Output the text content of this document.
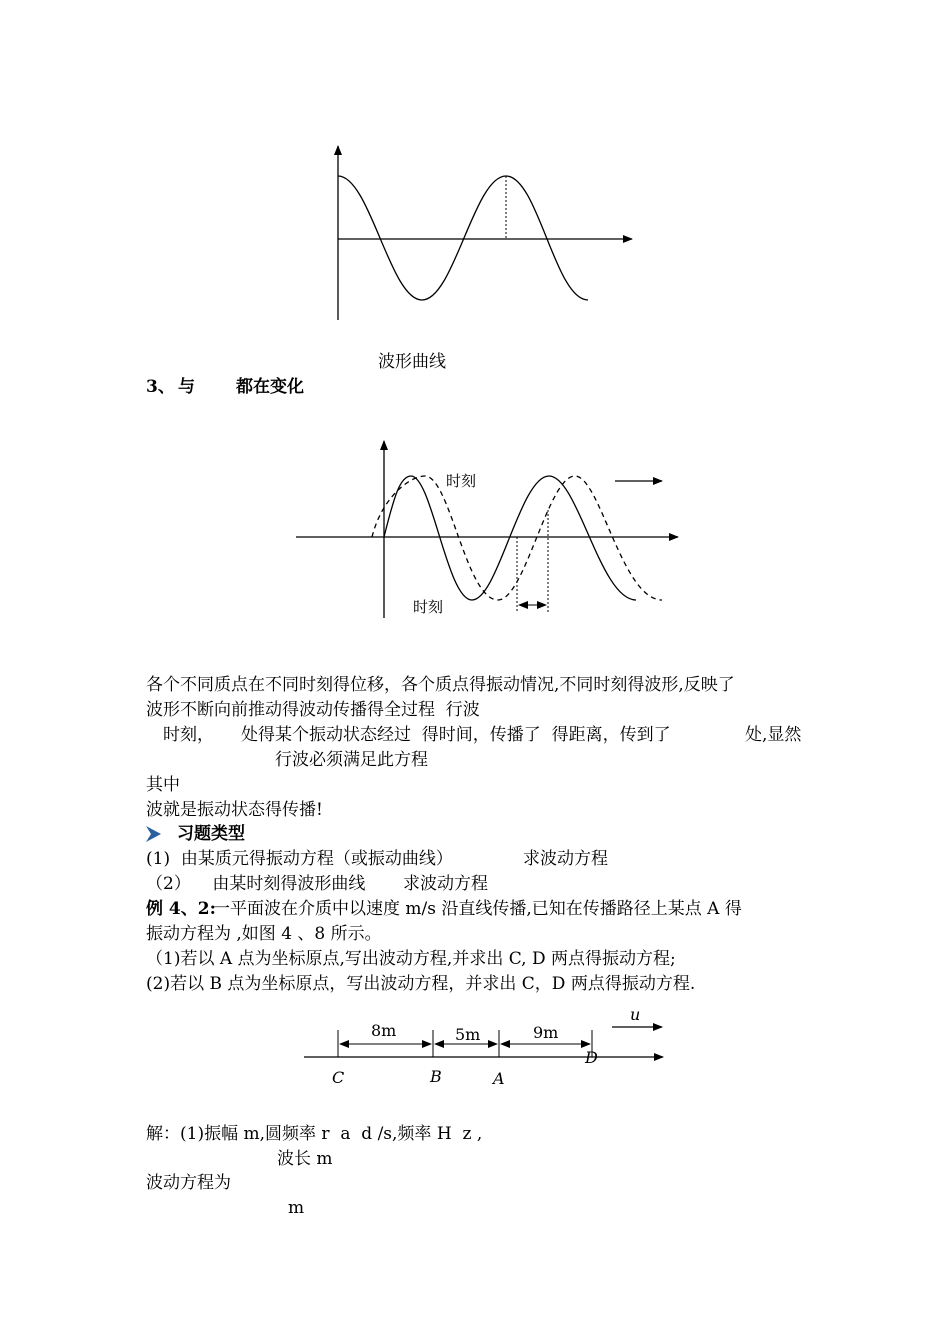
波形曲线
3、 与 都在变化
时刻
时刻
各个不同质点在不同时刻得位移，各个质点得振动情况,不同时刻得波形,反映了
波形不断向前推动得波动传播得全过程  行波
时刻， 处得某个振动状态经过  得时间，传播了  得距离，传到了	处,显然
行波必须满足此方程
其中
波就是振动状态得传播!
习题类型
(1)  由某质元得振动方程（或振动曲线）	求波动方程
（2）    由某时刻得波形曲线 求波动方程
例 4、2:
一平面波在介质中以速度 m/s 沿直线传播,已知在传播路径上某点 A 得
振动方程为 ,如图 4 、8 所示。
（1)若以 A 点为坐标原点,写出波动方程,并求出 C, D 两点得振动方程;
(2)若以 B 点为坐标原点，写出波动方程，并求出 C，D 两点得振动方程.
8m	5m	9m
u
C	B	A
D
解：(1)振幅 m,圆频率 r  a  d /s,频率 H  z ,
波长 m
波动方程为
m
